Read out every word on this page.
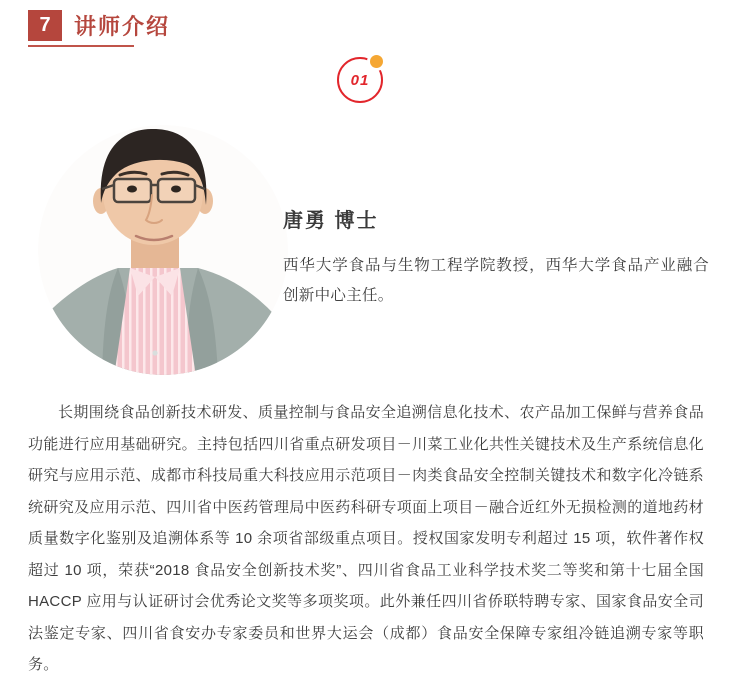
7	讲师介绍
01
唐勇 博士
西华大学食品与生物工程学院教授，西华大学食品产业融合创新中心主任。
长期围绕食品创新技术研发、质量控制与食品安全追溯信息化技术、农产品加工保鲜与营养食品功能进行应用基础研究。主持包括四川省重点研发项目－川菜工业化共性关键技术及生产系统信息化研究与应用示范、成都市科技局重大科技应用示范项目－肉类食品安全控制关键技术和数字化冷链系统研究及应用示范、四川省中医药管理局中医药科研专项面上项目－融合近红外无损检测的道地药材质量数字化鉴别及追溯体系等 10 余项省部级重点项目。授权国家发明专利超过 15 项，软件著作权超过 10 项，荣获“2018 食品安全创新技术奖”、四川省食品工业科学技术奖二等奖和第十七届全国 HACCP 应用与认证研讨会优秀论文奖等多项奖项。此外兼任四川省侨联特聘专家、国家食品安全司法鉴定专家、四川省食安办专家委员和世界大运会（成都）食品安全保障专家组冷链追溯专家等职务。
